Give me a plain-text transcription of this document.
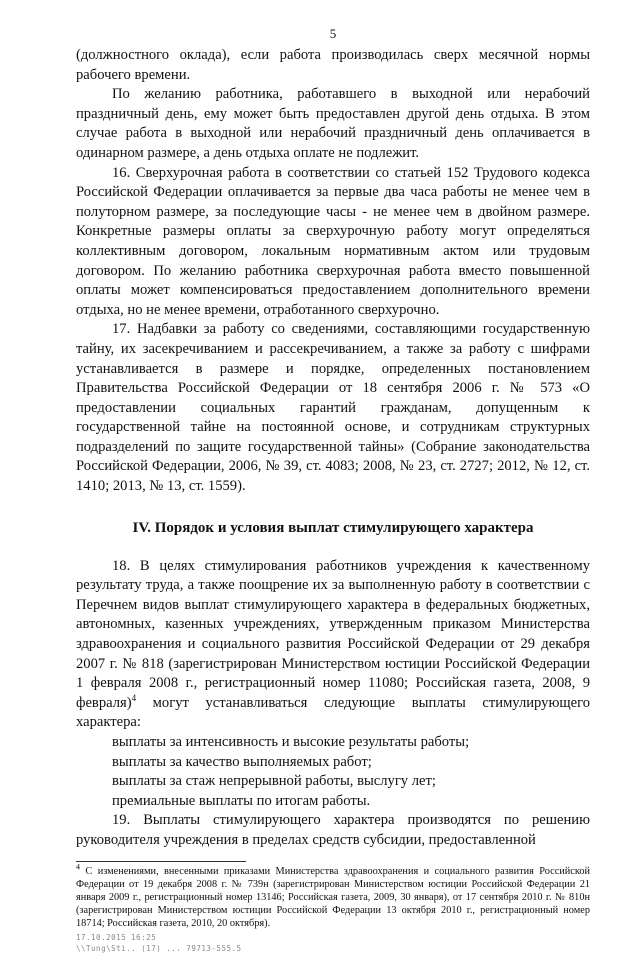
5

(должностного оклада), если работа производилась сверх месячной нормы рабочего времени.

По желанию работника, работавшего в выходной или нерабочий праздничный день, ему может быть предоставлен другой день отдыха. В этом случае работа в выходной или нерабочий праздничный день оплачивается в одинарном размере, а день отдыха оплате не подлежит.

16. Сверхурочная работа в соответствии со статьей 152 Трудового кодекса Российской Федерации оплачивается за первые два часа работы не менее чем в полуторном размере, за последующие часы - не менее чем в двойном размере. Конкретные размеры оплаты за сверхурочную работу могут определяться коллективным договором, локальным нормативным актом или трудовым договором. По желанию работника сверхурочная работа вместо повышенной оплаты может компенсироваться предоставлением дополнительного времени отдыха, но не менее времени, отработанного сверхурочно.

17. Надбавки за работу со сведениями, составляющими государственную тайну, их засекречиванием и рассекречиванием, а также за работу с шифрами устанавливается в размере и порядке, определенных постановлением Правительства Российской Федерации от 18 сентября 2006 г. № 573 «О предоставлении социальных гарантий гражданам, допущенным к государственной тайне на постоянной основе, и сотрудникам структурных подразделений по защите государственной тайны» (Собрание законодательства Российской Федерации, 2006, № 39, ст. 4083; 2008, № 23, ст. 2727; 2012, № 12, ст. 1410; 2013, № 13, ст. 1559).

IV. Порядок и условия выплат стимулирующего характера

18. В целях стимулирования работников учреждения к качественному результату труда, а также поощрение их за выполненную работу в соответствии с Перечнем видов выплат стимулирующего характера в федеральных бюджетных, автономных, казенных учреждениях, утвержденным приказом Министерства здравоохранения и социального развития Российской Федерации от 29 декабря 2007 г. № 818 (зарегистрирован Министерством юстиции Российской Федерации 1 февраля 2008 г., регистрационный номер 11080; Российская газета, 2008, 9 февраля)$^4$ могут устанавливаться следующие выплаты стимулирующего характера:

выплаты за интенсивность и высокие результаты работы;

выплаты за качество выполняемых работ;

выплаты за стаж непрерывной работы, выслугу лет;

премиальные выплаты по итогам работы.

19. Выплаты стимулирующего характера производятся по решению руководителя учреждения в пределах средств субсидии, предоставленной

$^4$ С изменениями, внесенными приказами Министерства здравоохранения и социального развития Российской Федерации от 19 декабря 2008 г. № 739н (зарегистрирован Министерством юстиции Российской Федерации 21 января 2009 г., регистрационный номер 13146; Российская газета, 2009, 30 января), от 17 сентября 2010 г. № 810н (зарегистрирован Министерством юстиции Российской Федерации 13 октября 2010 г., регистрационный номер 18714; Российская газета, 2010, 20 октября).

17.10.2015 16:25
\\Tung\Sti.. (17) ... 79713-555.5
